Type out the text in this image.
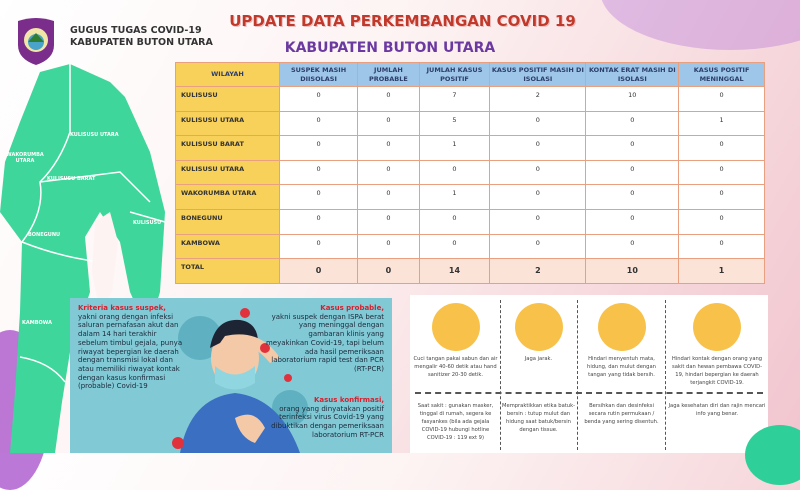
GUGUS TUGAS COVID-19
KABUPATEN BUTON UTARA
UPDATE DATA PERKEMBANGAN COVID 19
KABUPATEN BUTON UTARA
KULISUSU UTARA
WAKORUMBA UTARA
KULISUSU BARAT
KULISUSU
BONEGUNU
KAMBOWA
WILAYAH	SUSPEK MASIH DIISOLASI	JUMLAH PROBABLE	JUMLAH KASUS POSITIF	KASUS POSITIF MASIH DI ISOLASI	KONTAK ERAT MASIH DI ISOLASI	KASUS POSITIF MENINGGAL
KULISUSU	0	0	7	2	10	0
KULISUSU UTARA	0	0	5	0	0	1
KULISUSU BARAT	0	0	1	0	0	0
KULISUSU UTARA	0	0	0	0	0	0
WAKORUMBA UTARA	0	0	1	0	0	0
BONEGUNU	0	0	0	0	0	0
KAMBOWA	0	0	0	0	0	0
TOTAL	0	0	14	2	10	1
Kriteria kasus suspek,
yakni orang dengan infeksi saluran pernafasan akut dan dalam 14 hari terakhir sebelum timbul gejala, punya riwayat bepergian ke daerah dengan transmisi lokal dan atau memiliki riwayat kontak dengan kasus konfirmasi (probable) Covid-19
Kasus probable,
yakni suspek dengan ISPA berat yang meninggal dengan gambaran klinis yang meyakinkan Covid-19, tapi belum ada hasil pemeriksaan laboratorium rapid test dan PCR (RT-PCR)
Kasus konfirmasi,
orang yang dinyatakan positif terinfeksi virus Covid-19 yang dibuktikan dengan pemeriksaan laboratorium RT-PCR
Cuci tangan pakai sabun dan air mengalir 40-60 detik atau hand sanitizer 20-30 detik.
Saat sakit : gunakan masker, tinggal di rumah, segera ke fasyankes (bila ada gejala COVID-19 hubungi hotline COVID-19 : 119 ext 9)
Jaga jarak.
Mempraktikkan etika batuk-bersin : tutup mulut dan hidung saat batuk/bersin dengan tissue.
Hindari menyentuh mata, hidung, dan mulut dengan tangan yang tidak bersih.
Bersihkan dan desinfeksi secara rutin permukaan / benda yang sering disentuh.
Hindari kontak dengan orang yang sakit dan hewan pembawa COVID-19, hindari bepergian ke daerah terjangkit COVID-19.
Jaga kesehatan diri dan rajin mencari info yang benar.
